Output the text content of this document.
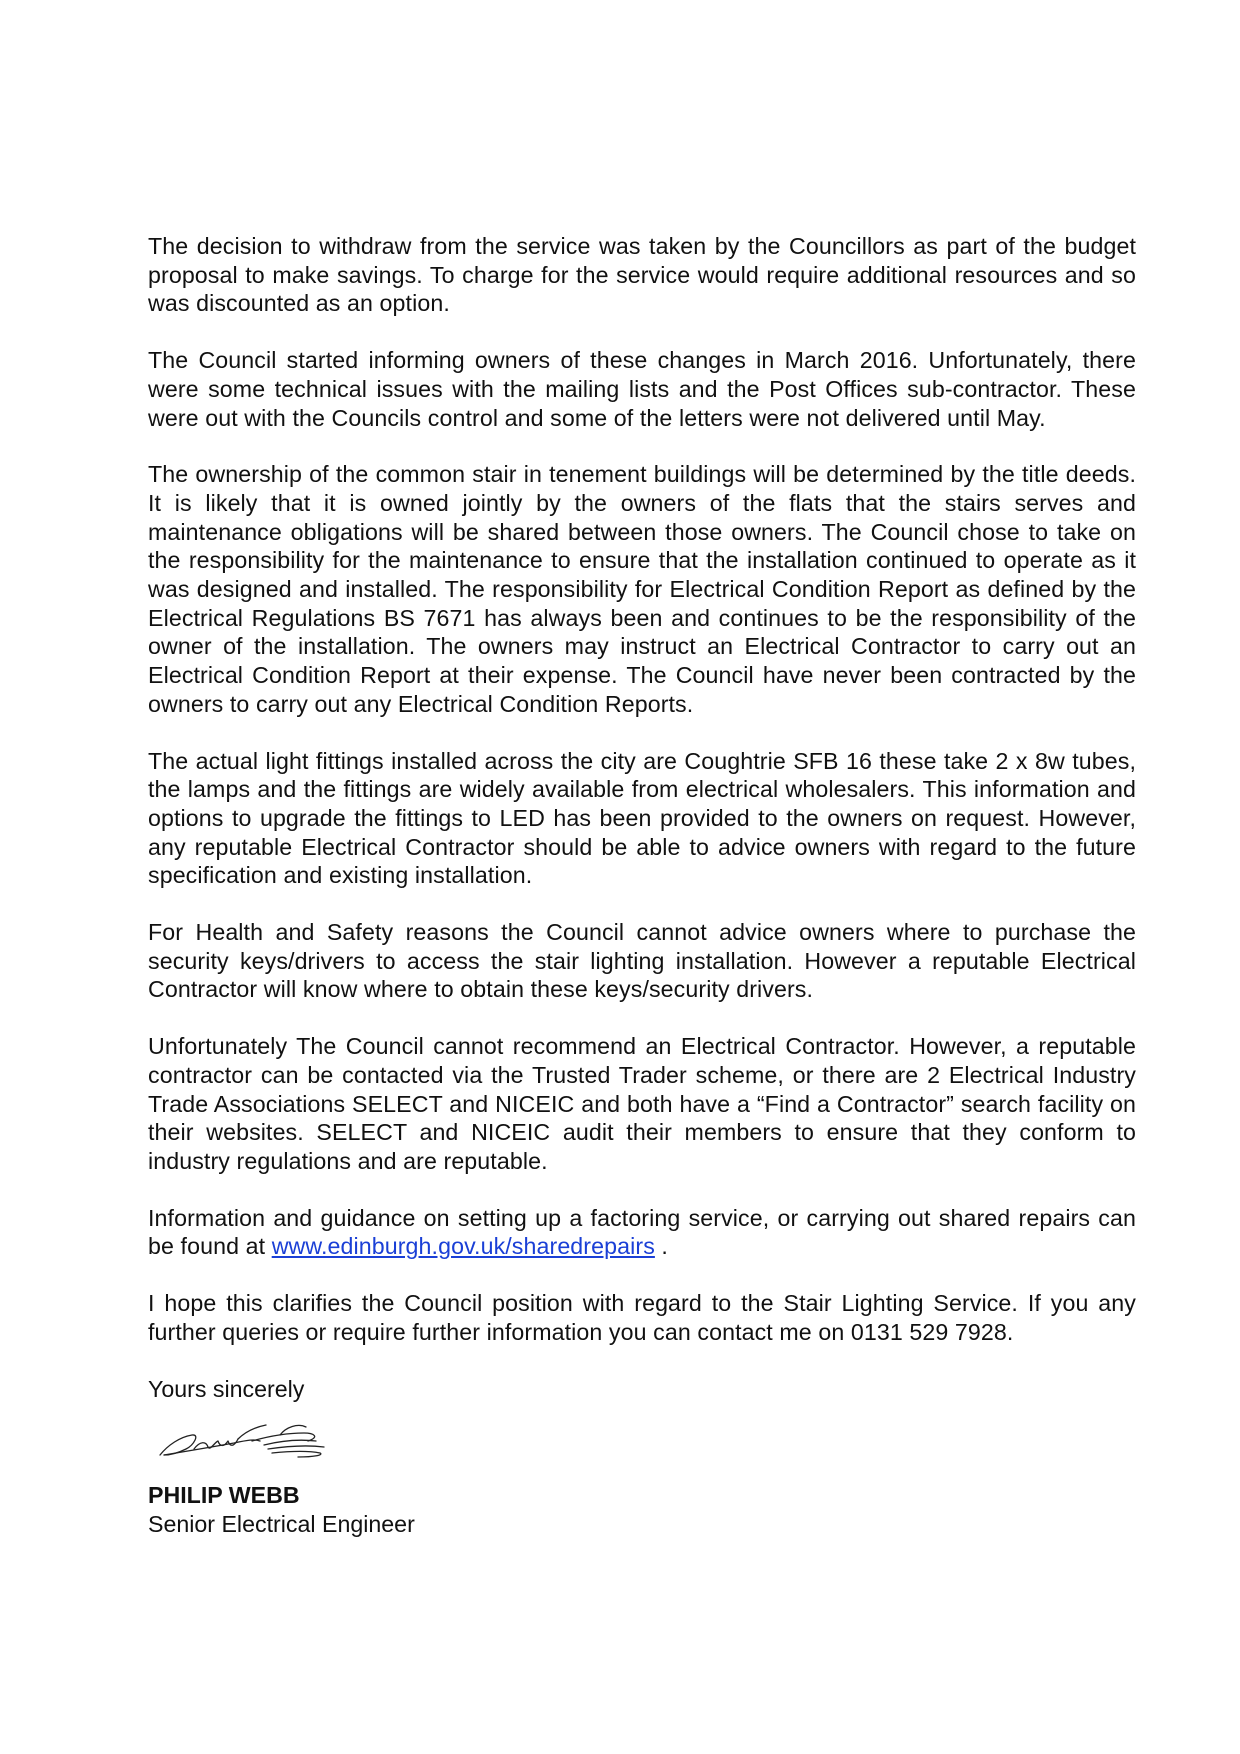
The decision to withdraw from the service was taken by the Councillors as part of the budget proposal to make savings. To charge for the service would require additional resources and so was discounted as an option.

The Council started informing owners of these changes in March 2016. Unfortunately, there were some technical issues with the mailing lists and the Post Offices sub-contractor. These were out with the Councils control and some of the letters were not delivered until May.

The ownership of the common stair in tenement buildings will be determined by the title deeds. It is likely that it is owned jointly by the owners of the flats that the stairs serves and maintenance obligations will be shared between those owners. The Council chose to take on the responsibility for the maintenance to ensure that the installation continued to operate as it was designed and installed. The responsibility for Electrical Condition Report as defined by the Electrical Regulations BS 7671 has always been and continues to be the responsibility of the owner of the installation. The owners may instruct an Electrical Contractor to carry out an Electrical Condition Report at their expense. The Council have never been contracted by the owners to carry out any Electrical Condition Reports.

The actual light fittings installed across the city are Coughtrie SFB 16 these take 2 x 8w tubes, the lamps and the fittings are widely available from electrical wholesalers. This information and options to upgrade the fittings to LED has been provided to the owners on request. However, any reputable Electrical Contractor should be able to advice owners with regard to the future specification and existing installation.

For Health and Safety reasons the Council cannot advice owners where to purchase the security keys/drivers to access the stair lighting installation. However a reputable Electrical Contractor will know where to obtain these keys/security drivers.

Unfortunately The Council cannot recommend an Electrical Contractor. However, a reputable contractor can be contacted via the Trusted Trader scheme, or there are 2 Electrical Industry Trade Associations SELECT and NICEIC and both have a “Find a Contractor” search facility on their websites. SELECT and NICEIC audit their members to ensure that they conform to industry regulations and are reputable.

Information and guidance on setting up a factoring service, or carrying out shared repairs can be found at www.edinburgh.gov.uk/sharedrepairs .

I hope this clarifies the Council position with regard to the Stair Lighting Service. If you any further queries or require further information you can contact me on 0131 529 7928.

Yours sincerely

PHILIP WEBB

Senior Electrical Engineer
